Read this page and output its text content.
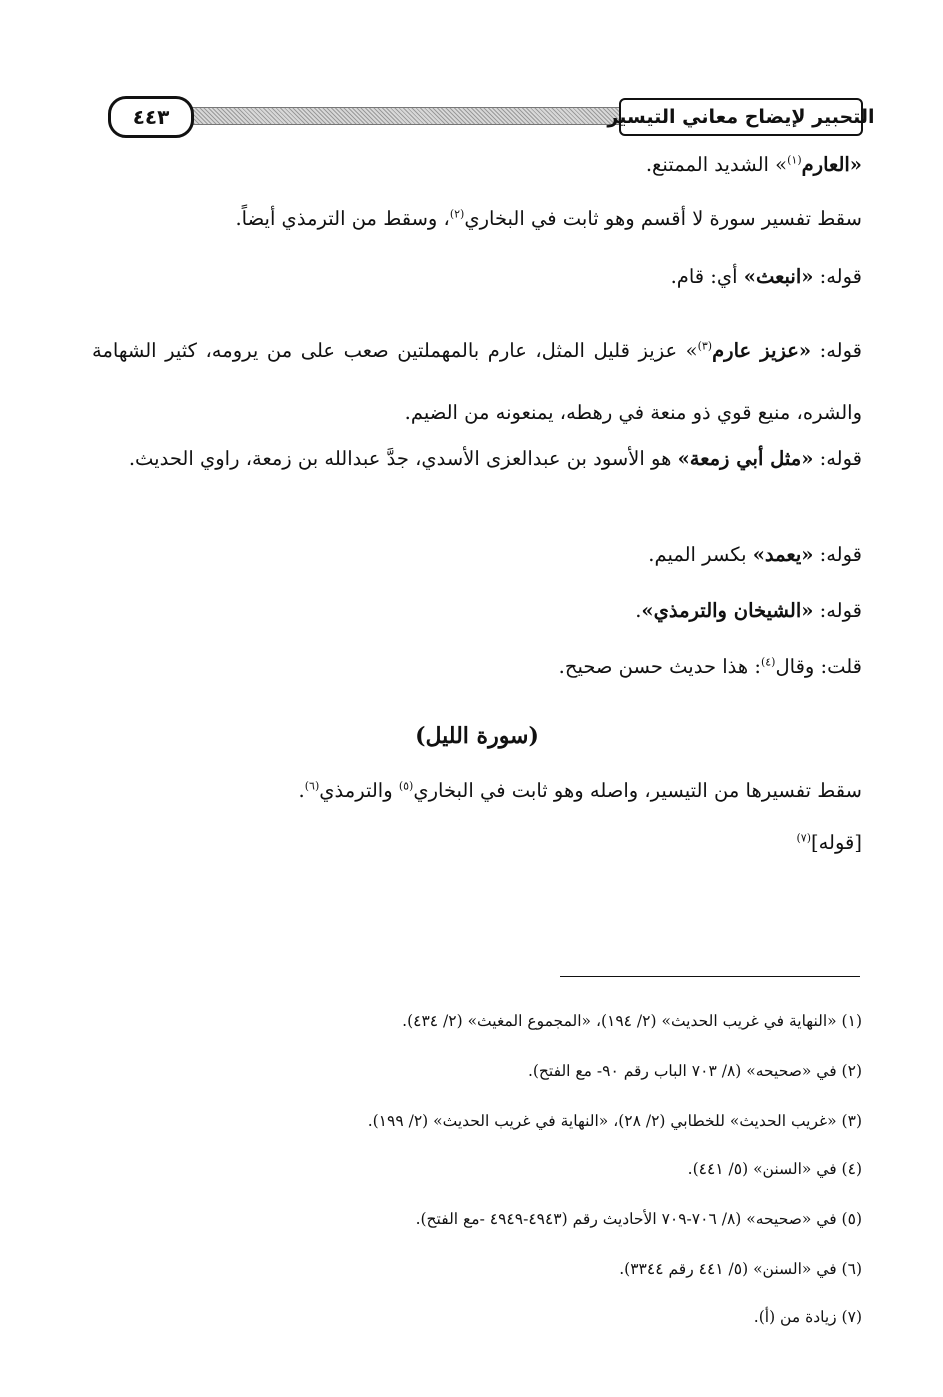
التحبير لإيضاح معاني التيسير
٤٤٣

«العارم$^{(١)}$» الشديد الممتنع.

سقط تفسير سورة لا أقسم وهو ثابت في البخاري$^{(٢)}$، وسقط من الترمذي أيضاً.

قوله: «انبعث» أي: قام.

قوله: «عزيز عارم$^{(٣)}$» عزيز قليل المثل، عارم بالمهملتين صعب على من يرومه، كثير الشهامة والشره، منيع قوي ذو منعة في رهطه، يمنعونه من الضيم.

قوله: «مثل أبي زمعة» هو الأسود بن عبدالعزى الأسدي، جدَّ عبدالله بن زمعة، راوي الحديث.

قوله: «يعمد» بكسر الميم.

قوله: «الشيخان والترمذي».

قلت: وقال$^{(٤)}$: هذا حديث حسن صحيح.

(سورة الليل)

سقط تفسيرها من التيسير، واصله وهو ثابت في البخاري$^{(٥)}$ والترمذي$^{(٦)}$.

[قوله]$^{(٧)}$

(١) «النهاية في غريب الحديث» (٢/ ١٩٤)، «المجموع المغيث» (٢/ ٤٣٤).
(٢) في «صحيحه» (٨/ ٧٠٣ الباب رقم ٩٠- مع الفتح).
(٣) «غريب الحديث» للخطابي (٢/ ٢٨)، «النهاية في غريب الحديث» (٢/ ١٩٩).
(٤) في «السنن» (٥/ ٤٤١).
(٥) في «صحيحه» (٨/ ٧٠٦-٧٠٩ الأحاديث رقم (٤٩٤٣-٤٩٤٩ -مع الفتح).
(٦) في «السنن» (٥/ ٤٤١ رقم ٣٣٤٤).
(٧) زيادة من (أ).
